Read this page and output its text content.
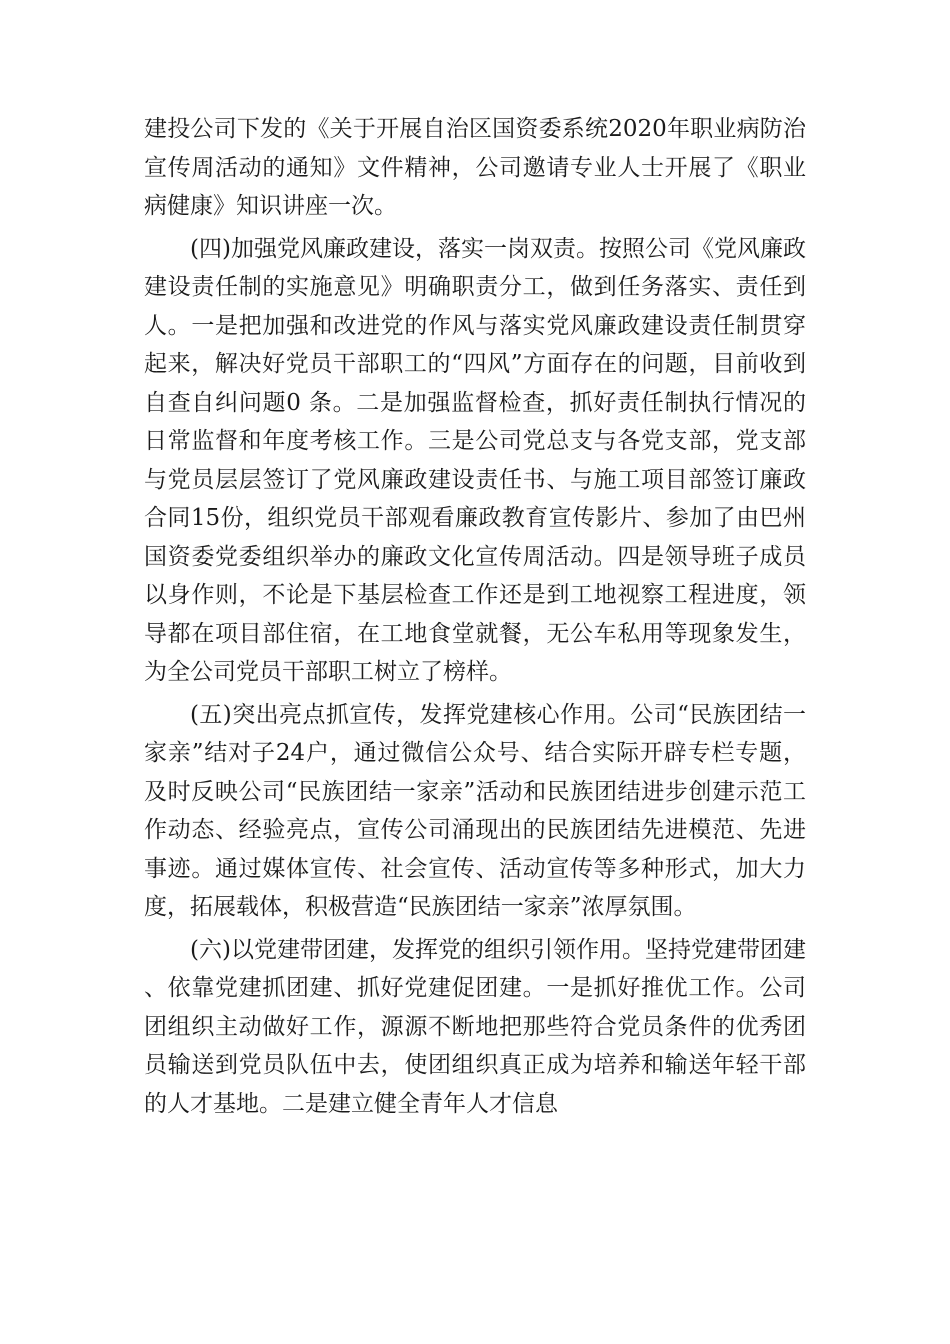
建投公司下发的《关于开展自治区国资委系统2020年职业病防治宣传周活动的通知》文件精神，公司邀请专业人士开展了《职业病健康》知识讲座一次。

(四)加强党风廉政建设，落实一岗双责。按照公司《党风廉政建设责任制的实施意见》明确职责分工，做到任务落实、责任到人。一是把加强和改进党的作风与落实党风廉政建设责任制贯穿起来，解决好党员干部职工的“四风”方面存在的问题，目前收到自查自纠问题0 条。二是加强监督检查，抓好责任制执行情况的日常监督和年度考核工作。三是公司党总支与各党支部，党支部与党员层层签订了党风廉政建设责任书、与施工项目部签订廉政合同15份，组织党员干部观看廉政教育宣传影片、参加了由巴州国资委党委组织举办的廉政文化宣传周活动。四是领导班子成员以身作则，不论是下基层检查工作还是到工地视察工程进度，领导都在项目部住宿，在工地食堂就餐，无公车私用等现象发生，为全公司党员干部职工树立了榜样。

(五)突出亮点抓宣传，发挥党建核心作用。公司“民族团结一家亲”结对子24户，通过微信公众号、结合实际开辟专栏专题，及时反映公司“民族团结一家亲”活动和民族团结进步创建示范工作动态、经验亮点，宣传公司涌现出的民族团结先进模范、先进事迹。通过媒体宣传、社会宣传、活动宣传等多种形式，加大力度，拓展载体，积极营造“民族团结一家亲”浓厚氛围。

(六)以党建带团建，发挥党的组织引领作用。坚持党建带团建、依靠党建抓团建、抓好党建促团建。一是抓好推优工作。公司团组织主动做好工作，源源不断地把那些符合党员条件的优秀团员输送到党员队伍中去，使团组织真正成为培养和输送年轻干部的人才基地。二是建立健全青年人才信息
